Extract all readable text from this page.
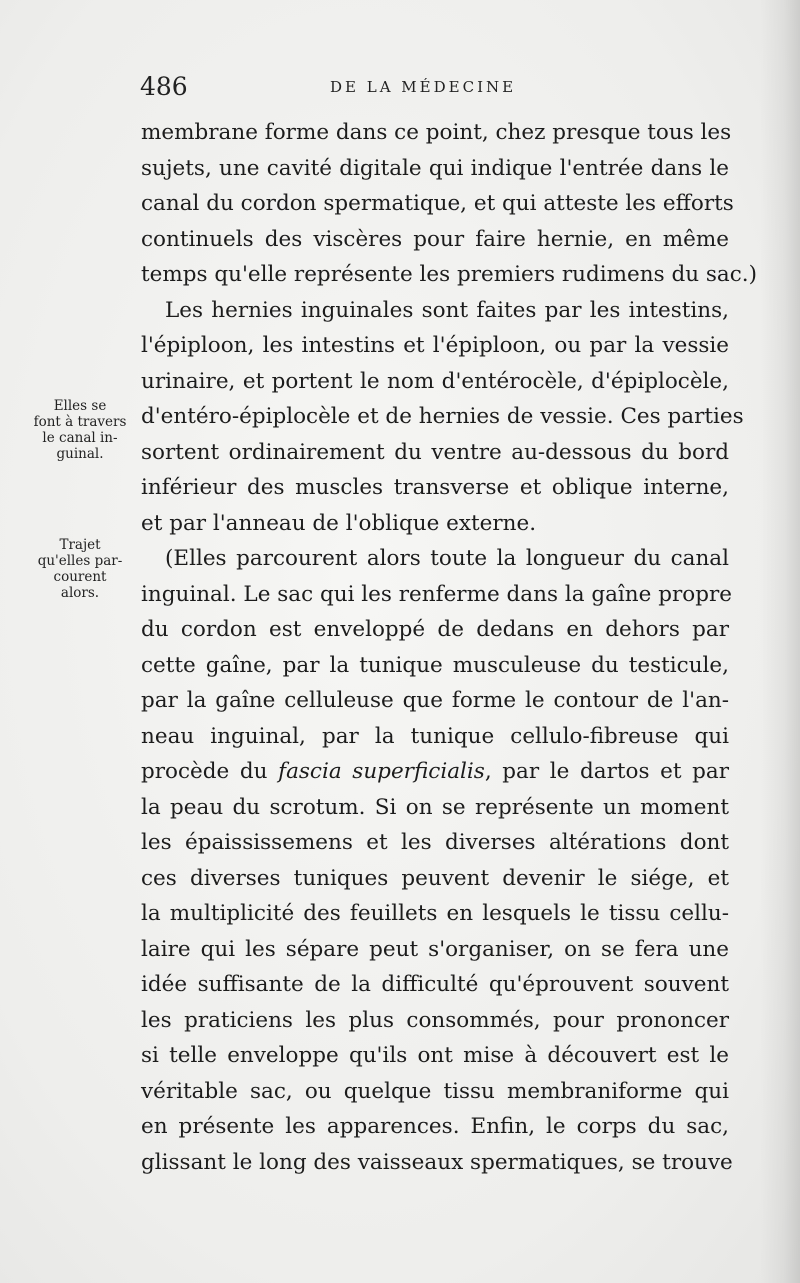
486	DE LA MÉDECINE
Elles se
font à travers
le canal in-
guinal.
Trajet
qu'elles par-
courent
alors.
membrane forme dans ce point, chez presque tous les
sujets, une cavité digitale qui indique l'entrée dans le
canal du cordon spermatique, et qui atteste les efforts
continuels des viscères pour faire hernie, en même
temps qu'elle représente les premiers rudimens du sac.)
Les hernies inguinales sont faites par les intestins,
l'épiploon, les intestins et l'épiploon, ou par la vessie
urinaire, et portent le nom d'entérocèle, d'épiplocèle,
d'entéro-épiplocèle et de hernies de vessie. Ces parties
sortent ordinairement du ventre au-dessous du bord
inférieur des muscles transverse et oblique interne,
et par l'anneau de l'oblique externe.
(Elles parcourent alors toute la longueur du canal
inguinal. Le sac qui les renferme dans la gaîne propre
du cordon est enveloppé de dedans en dehors par
cette gaîne, par la tunique musculeuse du testicule,
par la gaîne celluleuse que forme le contour de l'an-
neau inguinal, par la tunique cellulo-fibreuse qui
procède du fascia superficialis, par le dartos et par
la peau du scrotum. Si on se représente un moment
les épaississemens et les diverses altérations dont
ces diverses tuniques peuvent devenir le siége, et
la multiplicité des feuillets en lesquels le tissu cellu-
laire qui les sépare peut s'organiser, on se fera une
idée suffisante de la difficulté qu'éprouvent souvent
les praticiens les plus consommés, pour prononcer
si telle enveloppe qu'ils ont mise à découvert est le
véritable sac, ou quelque tissu membraniforme qui
en présente les apparences. Enfin, le corps du sac,
glissant le long des vaisseaux spermatiques, se trouve
